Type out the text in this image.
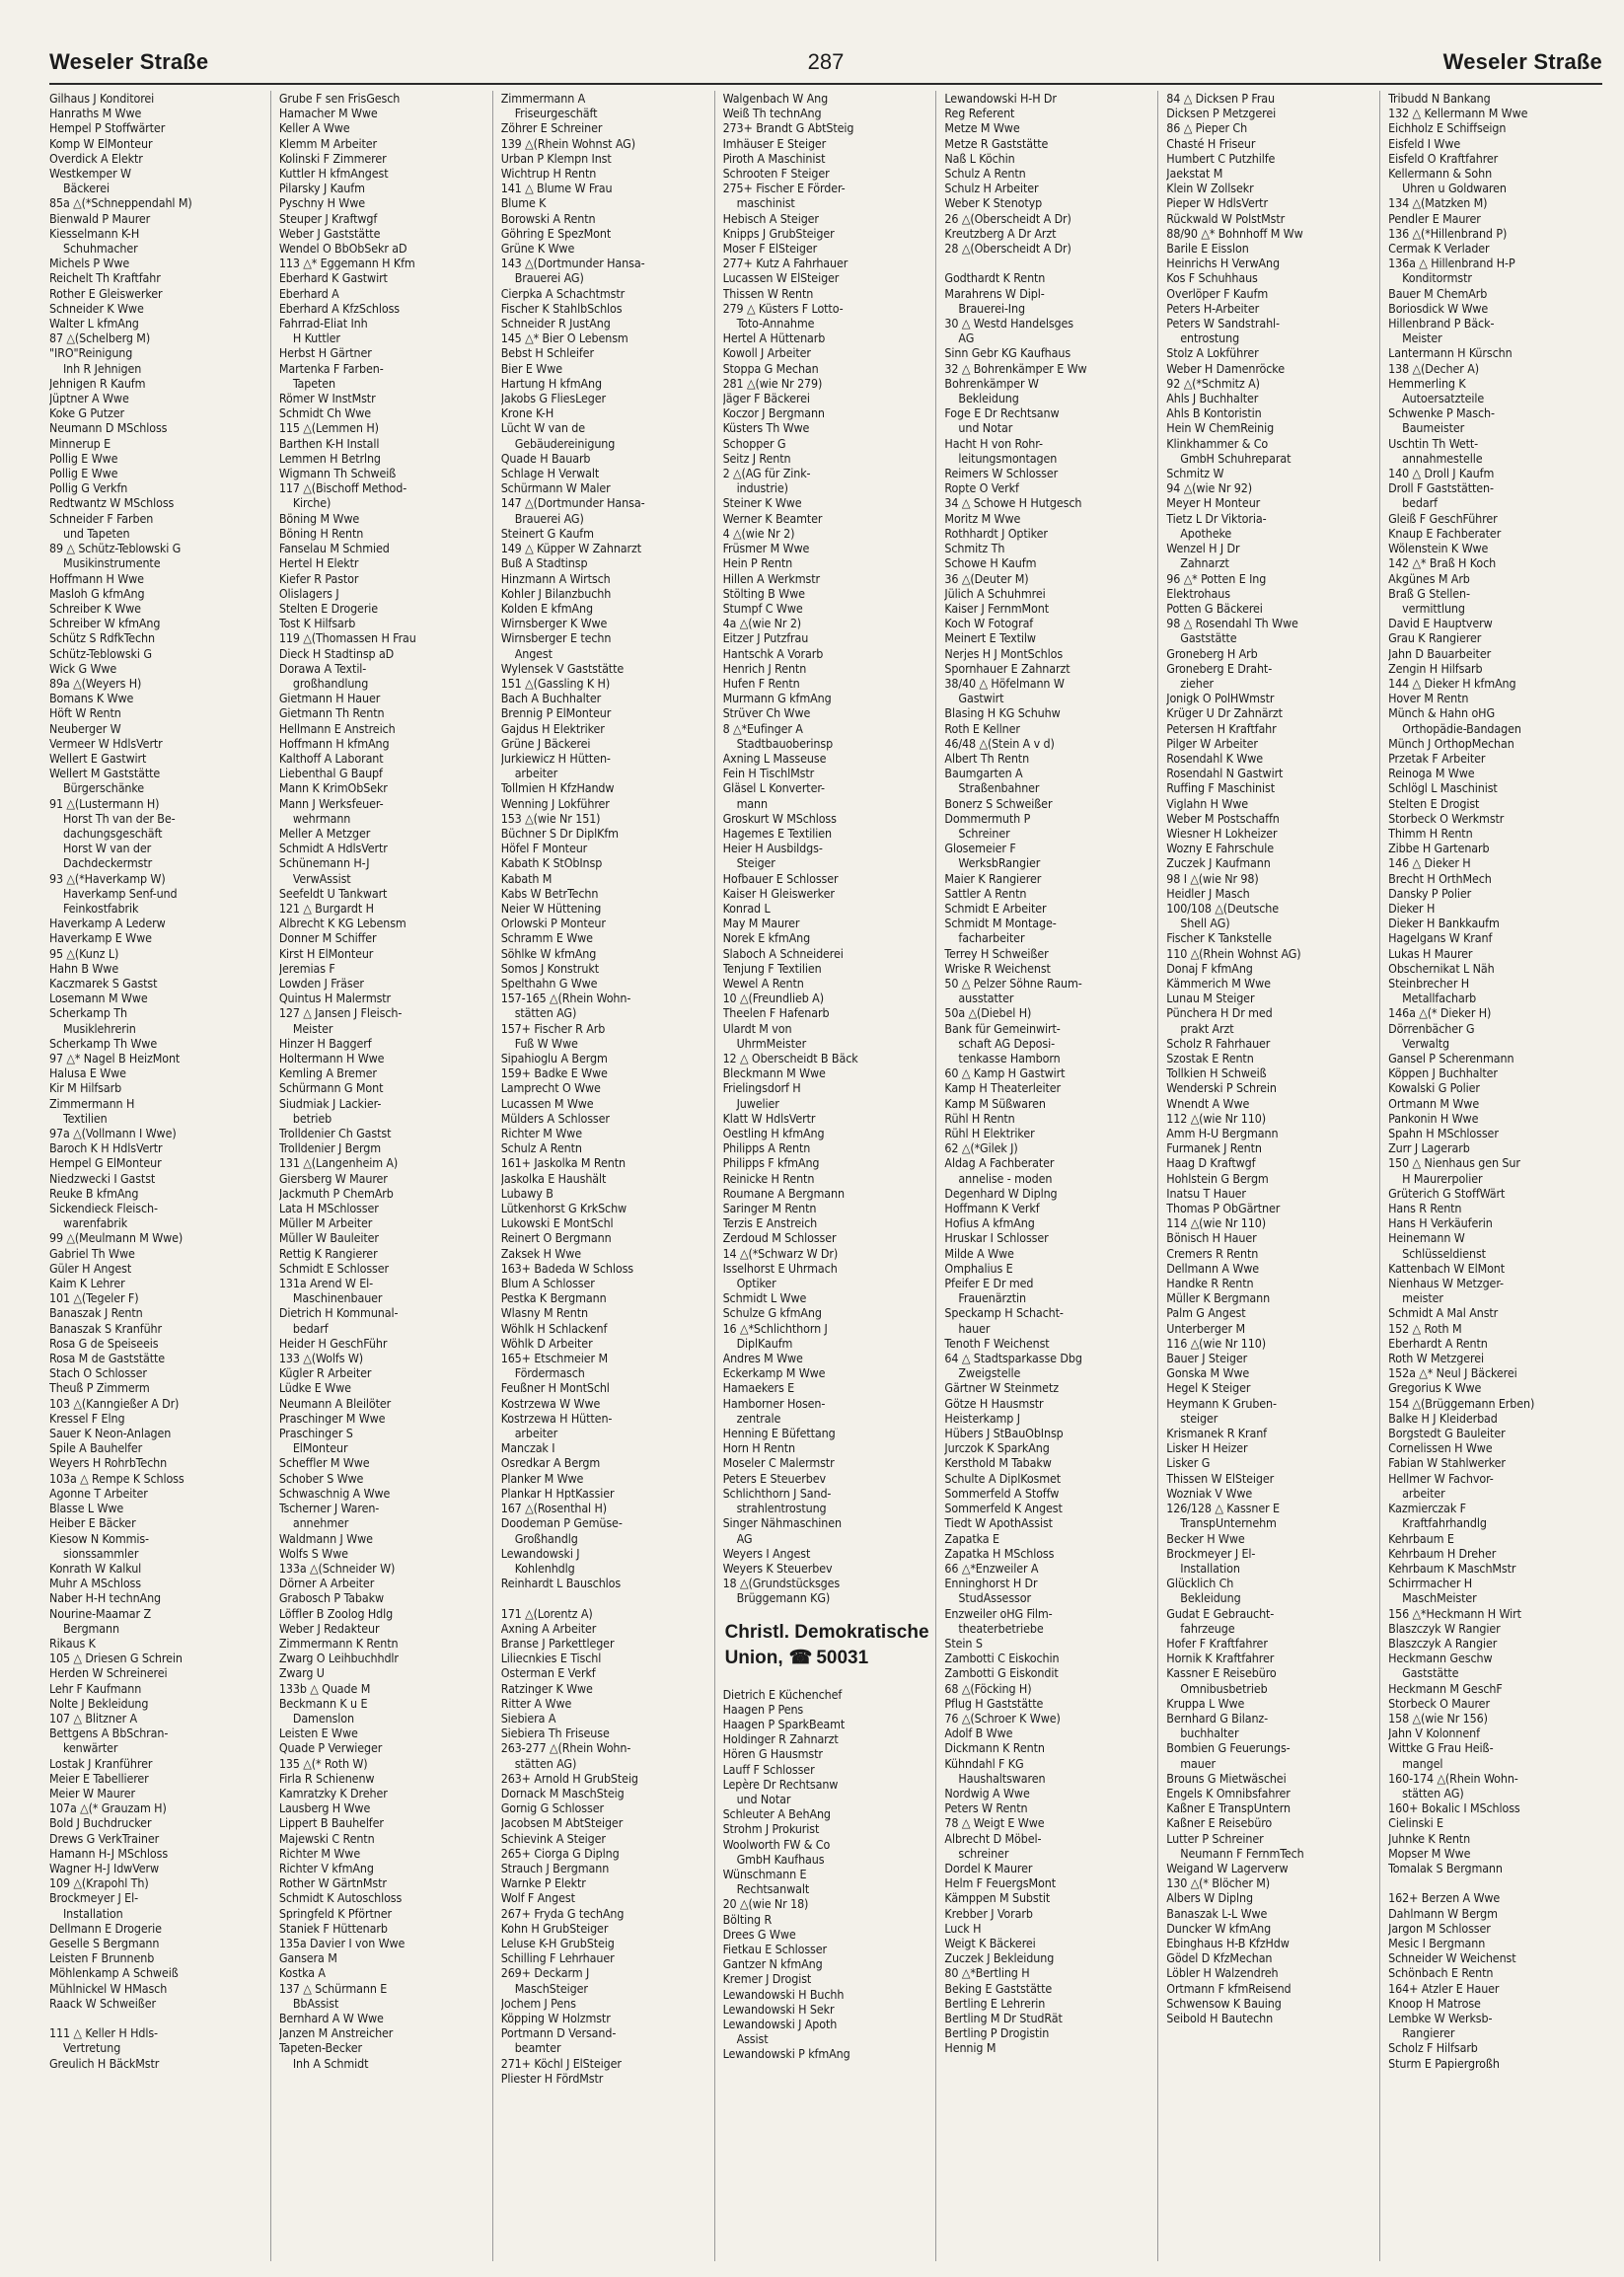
Weseler Straße	287	Weseler Straße
Gilhaus J Konditorei
Hanraths M Wwe
Hempel P Stoffwärter
Komp W ElMonteur
Overdick A Elektr
Westkemper W
Bäckerei
85a △(*Schneppendahl M)
Bienwald P Maurer
Kiesselmann K-H
Schuhmacher
Michels P Wwe
Reichelt Th Kraftfahr
Rother E Gleiswerker
Schneider K Wwe
Walter L kfmAng
87 △(Schelberg M)
"IRO"Reinigung
Inh R Jehnigen
Jehnigen R Kaufm
Jüptner A Wwe
Koke G Putzer
Neumann D MSchloss
Minnerup E
Pollig E Wwe
Pollig E Wwe
Pollig G Verkfn
Redtwantz W MSchloss
Schneider F Farben
und Tapeten
89 △ Schütz-Teblowski G
Musikinstrumente
Hoffmann H Wwe
Masloh G kfmAng
Schreiber K Wwe
Schreiber W kfmAng
Schütz S RdfkTechn
Schütz-Teblowski G
Wick G Wwe
89a △(Weyers H)
Bomans K Wwe
Höft W Rentn
Neuberger W
Vermeer W HdlsVertr
Wellert E Gastwirt
Wellert M Gaststätte
Bürgerschänke
91 △(Lustermann H)
Horst Th van der Be-
dachungsgeschäft
Horst W van der
Dachdeckermstr
93 △(*Haverkamp W)
Haverkamp Senf-und
Feinkostfabrik
Haverkamp A Lederw
Haverkamp E Wwe
95 △(Kunz L)
Hahn B Wwe
Kaczmarek S Gastst
Losemann M Wwe
Scherkamp Th
Musiklehrerin
Scherkamp Th Wwe
97 △* Nagel B HeizMont
Halusa E Wwe
Kir M Hilfsarb
Zimmermann H
Textilien
97a △(Vollmann I Wwe)
Baroch K H HdlsVertr
Hempel G ElMonteur
Niedzwecki I Gastst
Reuke B kfmAng
Sickendieck Fleisch-
warenfabrik
99 △(Meulmann M Wwe)
Gabriel Th Wwe
Güler H Angest
Kaim K Lehrer
101 △(Tegeler F)
Banaszak J Rentn
Banaszak S Kranführ
Rosa G de Speiseeis
Rosa M de Gaststätte
Stach O Schlosser
Theuß P Zimmerm
103 △(Kanngießer A Dr)
Kressel F Elng
Sauer K Neon-Anlagen
Spile A Bauhelfer
Weyers H RohrbTechn
103a △ Rempe K Schloss
Agonne T Arbeiter
Blasse L Wwe
Heiber E Bäcker
Kiesow N Kommis-
sionssammler
Konrath W Kalkul
Muhr A MSchloss
Naber H-H technAng
Nourine-Maamar Z
Bergmann
Rikaus K
105 △ Driesen G Schrein
Herden W Schreinerei
Lehr F Kaufmann
Nolte J Bekleidung
107 △ Blitzner A
Bettgens A BbSchran-
kenwärter
Lostak J Kranführer
Meier E Tabellierer
Meier W Maurer
107a △(* Grauzam H)
Bold J Buchdrucker
Drews G VerkTrainer
Hamann H-J MSchloss
Wagner H-J IdwVerw
109 △(Krapohl Th)
Brockmeyer J El-
Installation
Dellmann E Drogerie
Geselle S Bergmann
Leisten F Brunnenb
Möhlenkamp A Schweiß
Mühlnickel W HMasch
Raack W Schweißer

111 △ Keller H Hdls-
Vertretung
Greulich H BäckMstr
Grube F sen FrisGesch
Hamacher M Wwe
Keller A Wwe
Klemm M Arbeiter
Kolinski F Zimmerer
Kuttler H kfmAngest
Pilarsky J Kaufm
Pyschny H Wwe
Steuper J Kraftwgf
Weber J Gaststätte
Wendel O BbObSekr aD
113 △* Eggemann H Kfm
Eberhard K Gastwirt
Eberhard A
Eberhard A KfzSchloss
Fahrrad-Eliat Inh
H Kuttler
Herbst H Gärtner
Martenka F Farben-
Tapeten
Römer W InstMstr
Schmidt Ch Wwe
115 △(Lemmen H)
Barthen K-H Install
Lemmen H Betrlng
Wigmann Th Schweiß
117 △(Bischoff Method-
Kirche)
Böning M Wwe
Böning H Rentn
Fanselau M Schmied
Hertel H Elektr
Kiefer R Pastor
Olislagers J
Stelten E Drogerie
Tost K Hilfsarb
119 △(Thomassen H Frau
Dieck H Stadtinsp aD
Dorawa A Textil-
großhandlung
Gietmann H Hauer
Gietmann Th Rentn
Hellmann E Anstreich
Hoffmann H kfmAng
Kalthoff A Laborant
Liebenthal G Baupf
Mann K KrimObSekr
Mann J Werksfeuer-
wehrmann
Meller A Metzger
Schmidt A HdlsVertr
Schünemann H-J
VerwAssist
Seefeldt U Tankwart
121 △ Burgardt H
Albrecht K KG Lebensm
Donner M Schiffer
Kirst H ElMonteur
Jeremias F
Lowden J Fräser
Quintus H Malermstr
127 △ Jansen J Fleisch-
Meister
Hinzer H Baggerf
Holtermann H Wwe
Kemling A Bremer
Schürmann G Mont
Siudmiak J Lackier-
betrieb
Trolldenier Ch Gastst
Trolldenier J Bergm
131 △(Langenheim A)
Giersberg W Maurer
Jackmuth P ChemArb
Lata H MSchlosser
Müller M Arbeiter
Müller W Bauleiter
Rettig K Rangierer
Schmidt E Schlosser
131a Arend W El-
Maschinenbauer
Dietrich H Kommunal-
bedarf
Heider H GeschFühr
133 △(Wolfs W)
Kügler R Arbeiter
Lüdke E Wwe
Neumann A Bleilöter
Praschinger M Wwe
Praschinger S
ElMonteur
Scheffler M Wwe
Schober S Wwe
Schwaschnig A Wwe
Tscherner J Waren-
annehmer
Waldmann J Wwe
Wolfs S Wwe
133a △(Schneider W)
Dörner A Arbeiter
Grabosch P Tabakw
Löffler B Zoolog Hdlg
Weber J Redakteur
Zimmermann K Rentn
Zwarg O Leihbuchhdlr
Zwarg U
133b △ Quade M
Beckmann K u E
Damenslon
Leisten E Wwe
Quade P Verwieger
135 △(* Roth W)
Firla R Schienenw
Kamratzky K Dreher
Lausberg H Wwe
Lippert B Bauhelfer
Majewski C Rentn
Richter M Wwe
Richter V kfmAng
Rother W GärtnMstr
Schmidt K Autoschloss
Springfeld K Pförtner
Staniek F Hüttenarb
135a Davier I von Wwe
Gansera M
Kostka A
137 △ Schürmann E
BbAssist
Bernhard A W Wwe
Janzen M Anstreicher
Tapeten-Becker
Inh A Schmidt
Zimmermann A
Friseurgeschäft
Zöhrer E Schreiner
139 △(Rhein Wohnst AG)
Urban P Klempn Inst
Wichtrup H Rentn
141 △ Blume W Frau
Blume K
Borowski A Rentn
Göhring E SpezMont
Grüne K Wwe
143 △(Dortmunder Hansa-
Brauerei AG)
Cierpka A Schachtmstr
Fischer K StahlbSchlos
Schneider R JustAng
145 △* Bier O Lebensm
Bebst H Schleifer
Bier E Wwe
Hartung H kfmAng
Jakobs G FliesLeger
Krone K-H
Lücht W van de
Gebäudereinigung
Quade H Bauarb
Schlage H Verwalt
Schürmann W Maler
147 △(Dortmunder Hansa-
Brauerei AG)
Steinert G Kaufm
149 △ Küpper W Zahnarzt
Buß A Stadtinsp
Hinzmann A Wirtsch
Kohler J Bilanzbuchh
Kolden E kfmAng
Wirnsberger K Wwe
Wirnsberger E techn
Angest
Wylensek V Gaststätte
151 △(Gassling K H)
Bach A Buchhalter
Brennig P ElMonteur
Gajdus H Elektriker
Grüne J Bäckerei
Jurkiewicz H Hütten-
arbeiter
Tollmien H KfzHandw
Wenning J Lokführer
153 △(wie Nr 151)
Büchner S Dr DiplKfm
Höfel F Monteur
Kabath K StObInsp
Kabath M
Kabs W BetrTechn
Neier W Hüttening
Orlowski P Monteur
Schramm E Wwe
Söhlke W kfmAng
Somos J Konstrukt
Spelthahn G Wwe
157-165 △(Rhein Wohn-
stätten AG)
157+ Fischer R Arb
Fuß W Wwe
Sipahioglu A Bergm
159+ Badke E Wwe
Lamprecht O Wwe
Lucassen M Wwe
Mülders A Schlosser
Richter M Wwe
Schulz A Rentn
161+ Jaskolka M Rentn
Jaskolka E Haushält
Lubawy B
Lütkenhorst G KrkSchw
Lukowski E MontSchl
Reinert O Bergmann
Zaksek H Wwe
163+ Badeda W Schloss
Blum A Schlosser
Pestka K Bergmann
Wlasny M Rentn
Wöhlk H Schlackenf
Wöhlk D Arbeiter
165+ Etschmeier M
Fördermasch
Feußner H MontSchl
Kostrzewa W Wwe
Kostrzewa H Hütten-
arbeiter
Manczak I
Osredkar A Bergm
Planker M Wwe
Plankar H HptKassier
167 △(Rosenthal H)
Doodeman P Gemüse-
Großhandlg
Lewandowski J
Kohlenhdlg
Reinhardt L Bauschlos

171 △(Lorentz A)
Axning A Arbeiter
Branse J Parkettleger
Liliecnkies E Tischl
Osterman E Verkf
Ratzinger K Wwe
Ritter A Wwe
Siebiera A
Siebiera Th Friseuse
263-277 △(Rhein Wohn-
stätten AG)
263+ Arnold H GrubSteig
Dornack M MaschSteig
Gornig G Schlosser
Jacobsen M AbtSteiger
Schievink A Steiger
265+ Ciorga G Diplng
Strauch J Bergmann
Warnke P Elektr
Wolf F Angest
267+ Fryda G techAng
Kohn H GrubSteiger
Leluse K-H GrubSteig
Schilling F Lehrhauer
269+ Deckarm J
MaschSteiger
Jochem J Pens
Köpping W Holzmstr
Portmann D Versand-
beamter
271+ Köchl J ElSteiger
Pliester H FördMstr
Walgenbach W Ang
Weiß Th technAng
273+ Brandt G AbtSteig
Imhäuser E Steiger
Piroth A Maschinist
Schrooten F Steiger
275+ Fischer E Förder-
maschinist
Hebisch A Steiger
Knipps J GrubSteiger
Moser F ElSteiger
277+ Kutz A Fahrhauer
Lucassen W ElSteiger
Thissen W Rentn
279 △ Küsters F Lotto-
Toto-Annahme
Hertel A Hüttenarb
Kowoll J Arbeiter
Stoppa G Mechan
281 △(wie Nr 279)
Jäger F Bäckerei
Koczor J Bergmann
Küsters Th Wwe
Schopper G
Seitz J Rentn
2 △(AG für Zink-
industrie)
Steiner K Wwe
Werner K Beamter
4 △(wie Nr 2)
Früsmer M Wwe
Hein P Rentn
Hillen A Werkmstr
Stölting B Wwe
Stumpf C Wwe
4a △(wie Nr 2)
Eitzer J Putzfrau
Hantschk A Vorarb
Henrich J Rentn
Hufen F Rentn
Murmann G kfmAng
Strüver Ch Wwe
8 △*Eufinger A
Stadtbauoberinsp
Axning L Masseuse
Fein H TischlMstr
Gläsel L Konverter-
mann
Groskurt W MSchloss
Hagemes E Textilien
Heier H Ausbildgs-
Steiger
Hofbauer E Schlosser
Kaiser H Gleiswerker
Konrad L
May M Maurer
Norek E kfmAng
Slaboch A Schneiderei
Tenjung F Textilien
Wewel A Rentn
10 △(Freundlieb A)
Theelen F Hafenarb
Ulardt M von
UhrmMeister
12 △ Oberscheidt B Bäck
Bleckmann M Wwe
Frielingsdorf H
Juwelier
Klatt W HdlsVertr
Oestling H kfmAng
Philipps A Rentn
Philipps F kfmAng
Reinicke H Rentn
Roumane A Bergmann
Saringer M Rentn
Terzis E Anstreich
Zerdoud M Schlosser
14 △(*Schwarz W Dr)
Isselhorst E Uhrmach
Optiker
Schmidt L Wwe
Schulze G kfmAng
16 △*Schlichthorn J
DiplKaufm
Andres M Wwe
Eckerkamp M Wwe
Hamaekers E
Hamborner Hosen-
zentrale
Henning E Büfettang
Horn H Rentn
Moseler C Malermstr
Peters E Steuerbev
Schlichthorn J Sand-
strahlentrostung
Singer Nähmaschinen
AG
Weyers I Angest
Weyers K Steuerbev
18 △(Grundstücksges
Brüggemann KG)
Christl. Demokratische
Union, ☎ 50031
Dietrich E Küchenchef
Haagen P Pens
Haagen P SparkBeamt
Holdinger R Zahnarzt
Hören G Hausmstr
Lauff F Schlosser
Lepère Dr Rechtsanw
und Notar
Schleuter A BehAng
Strohm J Prokurist
Woolworth FW & Co
GmbH Kaufhaus
Wünschmann E
Rechtsanwalt
20 △(wie Nr 18)
Bölting R
Drees G Wwe
Fietkau E Schlosser
Gantzer N kfmAng
Kremer J Drogist
Lewandowski H Buchh
Lewandowski H Sekr
Lewandowski J Apoth
Assist
Lewandowski P kfmAng
Lewandowski H-H Dr
Reg Referent
Metze M Wwe
Metze R Gaststätte
Naß L Köchin
Schulz A Rentn
Schulz H Arbeiter
Weber K Stenotyp
26 △(Oberscheidt A Dr)
Kreutzberg A Dr Arzt
28 △(Oberscheidt A Dr)

Godthardt K Rentn
Marahrens W Dipl-
Brauerei-Ing
30 △ Westd Handelsges
AG
Sinn Gebr KG Kaufhaus
32 △ Bohrenkämper E Ww
Bohrenkämper W
Bekleidung
Foge E Dr Rechtsanw
und Notar
Hacht H von Rohr-
leitungsmontagen
Reimers W Schlosser
Ropte O Verkf
34 △ Schowe H Hutgesch
Moritz M Wwe
Rothhardt J Optiker
Schmitz Th
Schowe H Kaufm
36 △(Deuter M)
Jülich A Schuhmrei
Kaiser J FernmMont
Koch W Fotograf
Meinert E Textilw
Nerjes H J MontSchlos
Spornhauer E Zahnarzt
38/40 △ Höfelmann W
Gastwirt
Blasing H KG Schuhw
Roth E Kellner
46/48 △(Stein A v d)
Albert Th Rentn
Baumgarten A
Straßenbahner
Bonerz S Schweißer
Dommermuth P
Schreiner
Glosemeier F
WerksbRangier
Maier K Rangierer
Sattler A Rentn
Schmidt E Arbeiter
Schmidt M Montage-
facharbeiter
Terrey H Schweißer
Wriske R Weichenst
50 △ Pelzer Söhne Raum-
ausstatter
50a △(Diebel H)
Bank für Gemeinwirt-
schaft AG Deposi-
tenkasse Hamborn
60 △ Kamp H Gastwirt
Kamp H Theaterleiter
Kamp M Süßwaren
Rühl H Rentn
Rühl H Elektriker
62 △(*Gilek J)
Aldag A Fachberater
annelise - moden
Degenhard W Diplng
Hoffmann K Verkf
Hofius A kfmAng
Hruskar I Schlosser
Milde A Wwe
Omphalius E
Pfeifer E Dr med
Frauenärztin
Speckamp H Schacht-
hauer
Tenoth F Weichenst
64 △ Stadtsparkasse Dbg
Zweigstelle
Gärtner W Steinmetz
Götze H Hausmstr
Heisterkamp J
Hübers J StBauObInsp
Jurczok K SparkAng
Kersthold M Tabakw
Schulte A DiplKosmet
Sommerfeld A Stoffw
Sommerfeld K Angest
Tiedt W ApothAssist
Zapatka E
Zapatka H MSchloss
66 △*Enzweiler A
Enninghorst H Dr
StudAssessor
Enzweiler oHG Film-
theaterbetriebe
Stein S
Zambotti C Eiskochin
Zambotti G Eiskondit
68 △(Föcking H)
Pflug H Gaststätte
76 △(Schroer K Wwe)
Adolf B Wwe
Dickmann K Rentn
Kühndahl F KG
Haushaltswaren
Nordwig A Wwe
Peters W Rentn
78 △ Weigt E Wwe
Albrecht D Möbel-
schreiner
Dordel K Maurer
Helm F FeuergsMont
Kämppen M Substit
Krebber J Vorarb
Luck H
Weigt K Bäckerei
Zuczek J Bekleidung
80 △*Bertling H
Beking E Gaststätte
Bertling E Lehrerin
Bertling M Dr StudRät
Bertling P Drogistin
Hennig M
84 △ Dicksen P Frau
Dicksen P Metzgerei
86 △ Pieper Ch
Chasté H Friseur
Humbert C Putzhilfe
Jaekstat M
Klein W Zollsekr
Pieper W HdlsVertr
Rückwald W PolstMstr
88/90 △* Bohnhoff M Ww
Barile E Eisslon
Heinrichs H VerwAng
Kos F Schuhhaus
Overlöper F Kaufm
Peters H-Arbeiter
Peters W Sandstrahl-
entrostung
Stolz A Lokführer
Weber H Damenröcke
92 △(*Schmitz A)
Ahls J Buchhalter
Ahls B Kontoristin
Hein W ChemReinig
Klinkhammer & Co
GmbH Schuhreparat
Schmitz W
94 △(wie Nr 92)
Meyer H Monteur
Tietz L Dr Viktoria-
Apotheke
Wenzel H J Dr
Zahnarzt
96 △* Potten E Ing
Elektrohaus
Potten G Bäckerei
98 △ Rosendahl Th Wwe
Gaststätte
Groneberg H Arb
Groneberg E Draht-
zieher
Jonigk O PolHWmstr
Krüger U Dr Zahnärzt
Petersen H Kraftfahr
Pilger W Arbeiter
Rosendahl K Wwe
Rosendahl N Gastwirt
Ruffing F Maschinist
Viglahn H Wwe
Weber M Postschaffn
Wiesner H Lokheizer
Wozny E Fahrschule
Zuczek J Kaufmann
98 I △(wie Nr 98)
Heidler J Masch
100/108 △(Deutsche
Shell AG)
Fischer K Tankstelle
110 △(Rhein Wohnst AG)
Donaj F kfmAng
Kämmerich M Wwe
Lunau M Steiger
Pünchera H Dr med
prakt Arzt
Scholz R Fahrhauer
Szostak E Rentn
Tollkien H Schweiß
Wenderski P Schrein
Wnendt A Wwe
112 △(wie Nr 110)
Amm H-U Bergmann
Furmanek J Rentn
Haag D Kraftwgf
Hohlstein G Bergm
Inatsu T Hauer
Thomas P ObGärtner
114 △(wie Nr 110)
Bönisch H Hauer
Cremers R Rentn
Dellmann A Wwe
Handke R Rentn
Müller K Bergmann
Palm G Angest
Unterberger M
116 △(wie Nr 110)
Bauer J Steiger
Gonska M Wwe
Hegel K Steiger
Heymann K Gruben-
steiger
Krismanek R Kranf
Lisker H Heizer
Lisker G
Thissen W ElSteiger
Wozniak V Wwe
126/128 △ Kassner E
TranspUnternehm
Becker H Wwe
Brockmeyer J El-
Installation
Glücklich Ch
Bekleidung
Gudat E Gebraucht-
fahrzeuge
Hofer F Kraftfahrer
Hornik K Kraftfahrer
Kassner E Reisebüro
Omnibusbetrieb
Kruppa L Wwe
Bernhard G Bilanz-
buchhalter
Bombien G Feuerungs-
mauer
Brouns G Mietwäschei
Engels K Omnibsfahrer
Kaßner E TranspUntern
Kaßner E Reisebüro
Lutter P Schreiner
Neumann F FernmTech
Weigand W Lagerverw
130 △(* Blöcher M)
Albers W Diplng
Banaszak L-L Wwe
Duncker W kfmAng
Ebinghaus H-B KfzHdw
Gödel D KfzMechan
Löbler H Walzendreh
Ortmann F kfmReisend
Schwensow K Bauing
Seibold H Bautechn
Tribudd N Bankang
132 △ Kellermann M Wwe
Eichholz E Schiffseign
Eisfeld I Wwe
Eisfeld O Kraftfahrer
Kellermann & Sohn
Uhren u Goldwaren
134 △(Matzken M)
Pendler E Maurer
136 △(*Hillenbrand P)
Cermak K Verlader
136a △ Hillenbrand H-P
Konditormstr
Bauer M ChemArb
Boriosdick W Wwe
Hillenbrand P Bäck-
Meister
Lantermann H Kürschn
138 △(Decher A)
Hemmerling K
Autoersatzteile
Schwenke P Masch-
Baumeister
Uschtin Th Wett-
annahmestelle
140 △ Droll J Kaufm
Droll F Gaststätten-
bedarf
Gleiß F GeschFührer
Knaup E Fachberater
Wölenstein K Wwe
142 △* Braß H Koch
Akgünes M Arb
Braß G Stellen-
vermittlung
David E Hauptverw
Grau K Rangierer
Jahn D Bauarbeiter
Zengin H Hilfsarb
144 △ Dieker H kfmAng
Hover M Rentn
Münch & Hahn oHG
Orthopädie-Bandagen
Münch J OrthopMechan
Przetak F Arbeiter
Reinoga M Wwe
Schlögl L Maschinist
Stelten E Drogist
Storbeck O Werkmstr
Thimm H Rentn
Zibbe H Gartenarb
146 △ Dieker H
Brecht H OrthMech
Dansky P Polier
Dieker H
Dieker H Bankkaufm
Hagelgans W Kranf
Lukas H Maurer
Obschernikat L Näh
Steinbrecher H
Metallfacharb
146a △(* Dieker H)
Dörrenbächer G
Verwaltg
Gansel P Scherenmann
Köppen J Buchhalter
Kowalski G Polier
Ortmann M Wwe
Pankonin H Wwe
Spahn H MSchlosser
Zurr J Lagerarb
150 △ Nienhaus gen Sur
H Maurerpolier
Grüterich G StoffWärt
Hans R Rentn
Hans H Verkäuferin
Heinemann W
Schlüsseldienst
Kattenbach W ElMont
Nienhaus W Metzger-
meister
Schmidt A Mal Anstr
152 △ Roth M
Eberhardt A Rentn
Roth W Metzgerei
152a △* Neul J Bäckerei
Gregorius K Wwe
154 △(Brüggemann Erben)
Balke H J Kleiderbad
Borgstedt G Bauleiter
Cornelissen H Wwe
Fabian W Stahlwerker
Hellmer W Fachvor-
arbeiter
Kazmierczak F
Kraftfahrhandlg
Kehrbaum E
Kehrbaum H Dreher
Kehrbaum K MaschMstr
Schirrmacher H
MaschMeister
156 △*Heckmann H Wirt
Blaszczyk W Rangier
Blaszczyk A Rangier
Heckmann Geschw
Gaststätte
Heckmann M GeschF
Storbeck O Maurer
158 △(wie Nr 156)
Jahn V Kolonnenf
Wittke G Frau Heiß-
mangel
160-174 △(Rhein Wohn-
stätten AG)
160+ Bokalic I MSchloss
Cielinski E
Juhnke K Rentn
Mopser M Wwe
Tomalak S Bergmann

162+ Berzen A Wwe
Dahlmann W Bergm
Jargon M Schlosser
Mesic I Bergmann
Schneider W Weichenst
Schönbach E Rentn
164+ Atzler E Hauer
Knoop H Matrose
Lembke W Werksb-
Rangierer
Scholz F Hilfsarb
Sturm E Papiergroßh
